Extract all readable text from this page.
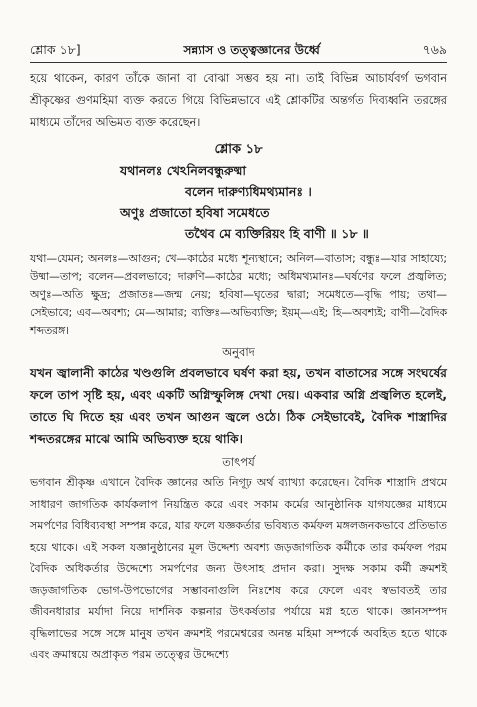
শ্লোক ১৮]	সন্ন্যাস ও তত্ত্বজ্ঞানের উর্ধ্বে	৭৬৯

হয়ে থাকেন, কারণ তাঁকে জানা বা বোঝা সম্ভব হয় না। তাই বিভিন্ন আচার্যবর্গ ভগবান শ্রীকৃষ্ণের গুণমহিমা ব্যক্ত করতে গিয়ে বিভিন্নভাবে এই শ্লোকটির অন্তর্গত দিব্যধ্বনি তরঙ্গের মাধ্যমে তাঁদের অভিমত ব্যক্ত করেছেন।

শ্লোক ১৮
যথানলঃ খেঽনিলবন্ধুরুষ্মা
বলেন দারুণ্যধিমথ্যমানঃ ।
অণুঃ প্রজাতো হবিষা সমেধতে
তথৈব মে ব্যক্তিরিয়ং হি বাণী ॥ ১৮ ॥

যথা—যেমন; অনলঃ—আগুন; খে—কাঠের মধ্যে শূন্যস্থানে; অনিল—বাতাস; বন্ধুঃ—যার সাহায্যে; উষ্মা—তাপ; বলেন—প্রবলভাবে; দারুণি—কাঠের মধ্যে; অধিমথ্যমানঃ—ঘর্ষণের ফলে প্রজ্বলিত; অণুঃ—অতি ক্ষুদ্র; প্রজাতঃ—জন্ম নেয়; হবিষা—ঘৃতের দ্বারা; সমেধতে—বৃদ্ধি পায়; তথা—সেইভাবে; এব—অবশ্য; মে—আমার; ব্যক্তিঃ—অভিব্যক্তি; ইয়ম্—এই; হি—অবশ্যই; বাণী—বৈদিক শব্দতরঙ্গ।

অনুবাদ

যখন জ্বালানী কাঠের খণ্ডগুলি প্রবলভাবে ঘর্ষণ করা হয়, তখন বাতাসের সঙ্গে সংঘর্ষের ফলে তাপ সৃষ্টি হয়, এবং একটি অগ্নিস্ফুলিঙ্গ দেখা দেয়। একবার অগ্নি প্রজ্বলিত হলেই, তাতে ঘি দিতে হয় এবং তখন আগুন জ্বলে ওঠে। ঠিক সেইভাবেই, বৈদিক শাস্ত্রাদির শব্দতরঙ্গের মাঝে আমি অভিব্যক্ত হয়ে থাকি।

তাৎপর্য

ভগবান শ্রীকৃষ্ণ এখানে বৈদিক জ্ঞানের অতি নিগূঢ় অর্থ ব্যাখ্যা করেছেন। বৈদিক শাস্ত্রাদি প্রথমে সাধারণ জাগতিক কার্যকলাপ নিয়ন্ত্রিত করে এবং সকাম কর্মের আনুষ্ঠানিক যাগযজ্ঞের মাধ্যমে সমর্পণের বিধিব্যবস্থা সম্পন্ন করে, যার ফলে যজ্ঞকর্তার ভবিষ্যত কর্মফল মঙ্গলজনকভাবে প্রতিভাত হয়ে থাকে। এই সকল যজ্ঞানুষ্ঠানের মূল উদ্দেশ্য অবশ্য জড়জাগতিক কর্মীকে তার কর্মফল পরম বৈদিক অধিকর্তার উদ্দেশ্যে সমর্পণের জন্য উৎসাহ প্রদান করা। সুদক্ষ সকাম কর্মী ক্রমশই জড়জাগতিক ভোগ-উপভোগের সম্ভাবনাগুলি নিঃশেষ করে ফেলে এবং স্বভাবতই তার জীবনধারার মর্যাদা নিয়ে দার্শনিক কল্পনার উৎকর্ষতার পর্যায়ে মগ্ন হতে থাকে। জ্ঞানসম্পদ বৃদ্ধিলাভের সঙ্গে সঙ্গে মানুষ তখন ক্রমশই পরমেশ্বরের অনন্ত মহিমা সম্পর্কে অবহিত হতে থাকে এবং ক্রমান্বয়ে অপ্রাকৃত পরম তত্ত্বের উদ্দেশ্যে
